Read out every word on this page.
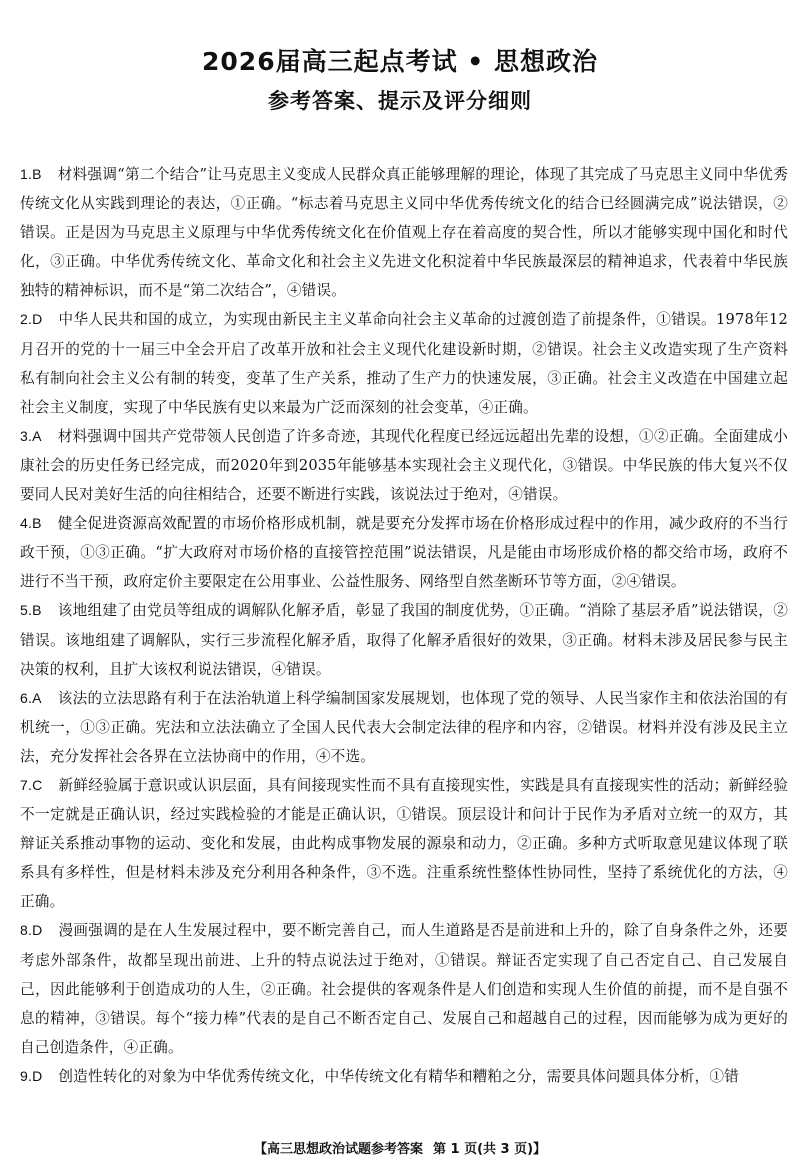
2026届高三起点考试 • 思想政治
参考答案、提示及评分细则

1.B 材料强调“第二个结合”让马克思主义变成人民群众真正能够理解的理论，体现了其完成了马克思主义同中华优秀传统文化从实践到理论的表达，①正确。“标志着马克思主义同中华优秀传统文化的结合已经圆满完成”说法错误，②错误。正是因为马克思主义原理与中华优秀传统文化在价值观上存在着高度的契合性，所以才能够实现中国化和时代化，③正确。中华优秀传统文化、革命文化和社会主义先进文化积淀着中华民族最深层的精神追求，代表着中华民族独特的精神标识，而不是“第二次结合”，④错误。

2.D 中华人民共和国的成立，为实现由新民主主义革命向社会主义革命的过渡创造了前提条件，①错误。1978年12月召开的党的十一届三中全会开启了改革开放和社会主义现代化建设新时期，②错误。社会主义改造实现了生产资料私有制向社会主义公有制的转变，变革了生产关系，推动了生产力的快速发展，③正确。社会主义改造在中国建立起社会主义制度，实现了中华民族有史以来最为广泛而深刻的社会变革，④正确。

3.A 材料强调中国共产党带领人民创造了许多奇迹，其现代化程度已经远远超出先辈的设想，①②正确。全面建成小康社会的历史任务已经完成，而2020年到2035年能够基本实现社会主义现代化，③错误。中华民族的伟大复兴不仅要同人民对美好生活的向往相结合，还要不断进行实践，该说法过于绝对，④错误。

4.B 健全促进资源高效配置的市场价格形成机制，就是要充分发挥市场在价格形成过程中的作用，减少政府的不当行政干预，①③正确。“扩大政府对市场价格的直接管控范围”说法错误，凡是能由市场形成价格的都交给市场，政府不进行不当干预，政府定价主要限定在公用事业、公益性服务、网络型自然垄断环节等方面，②④错误。

5.B 该地组建了由党员等组成的调解队化解矛盾，彰显了我国的制度优势，①正确。“消除了基层矛盾”说法错误，②错误。该地组建了调解队，实行三步流程化解矛盾，取得了化解矛盾很好的效果，③正确。材料未涉及居民参与民主决策的权利，且扩大该权利说法错误，④错误。

6.A 该法的立法思路有利于在法治轨道上科学编制国家发展规划，也体现了党的领导、人民当家作主和依法治国的有机统一，①③正确。宪法和立法法确立了全国人民代表大会制定法律的程序和内容，②错误。材料并没有涉及民主立法，充分发挥社会各界在立法协商中的作用，④不选。

7.C 新鲜经验属于意识或认识层面，具有间接现实性而不具有直接现实性，实践是具有直接现实性的活动；新鲜经验不一定就是正确认识，经过实践检验的才能是正确认识，①错误。顶层设计和问计于民作为矛盾对立统一的双方，其辩证关系推动事物的运动、变化和发展，由此构成事物发展的源泉和动力，②正确。多种方式听取意见建议体现了联系具有多样性，但是材料未涉及充分利用各种条件，③不选。注重系统性整体性协同性，坚持了系统优化的方法，④正确。

8.D 漫画强调的是在人生发展过程中，要不断完善自己，而人生道路是否是前进和上升的，除了自身条件之外，还要考虑外部条件，故都呈现出前进、上升的特点说法过于绝对，①错误。辩证否定实现了自己否定自己、自己发展自己，因此能够利于创造成功的人生，②正确。社会提供的客观条件是人们创造和实现人生价值的前提，而不是自强不息的精神，③错误。每个“接力棒”代表的是自己不断否定自己、发展自己和超越自己的过程，因而能够为成为更好的自己创造条件，④正确。

9.D 创造性转化的对象为中华优秀传统文化，中华传统文化有精华和糟粕之分，需要具体问题具体分析，①错

【高三思想政治试题参考答案 第 1 页(共 3 页)】
